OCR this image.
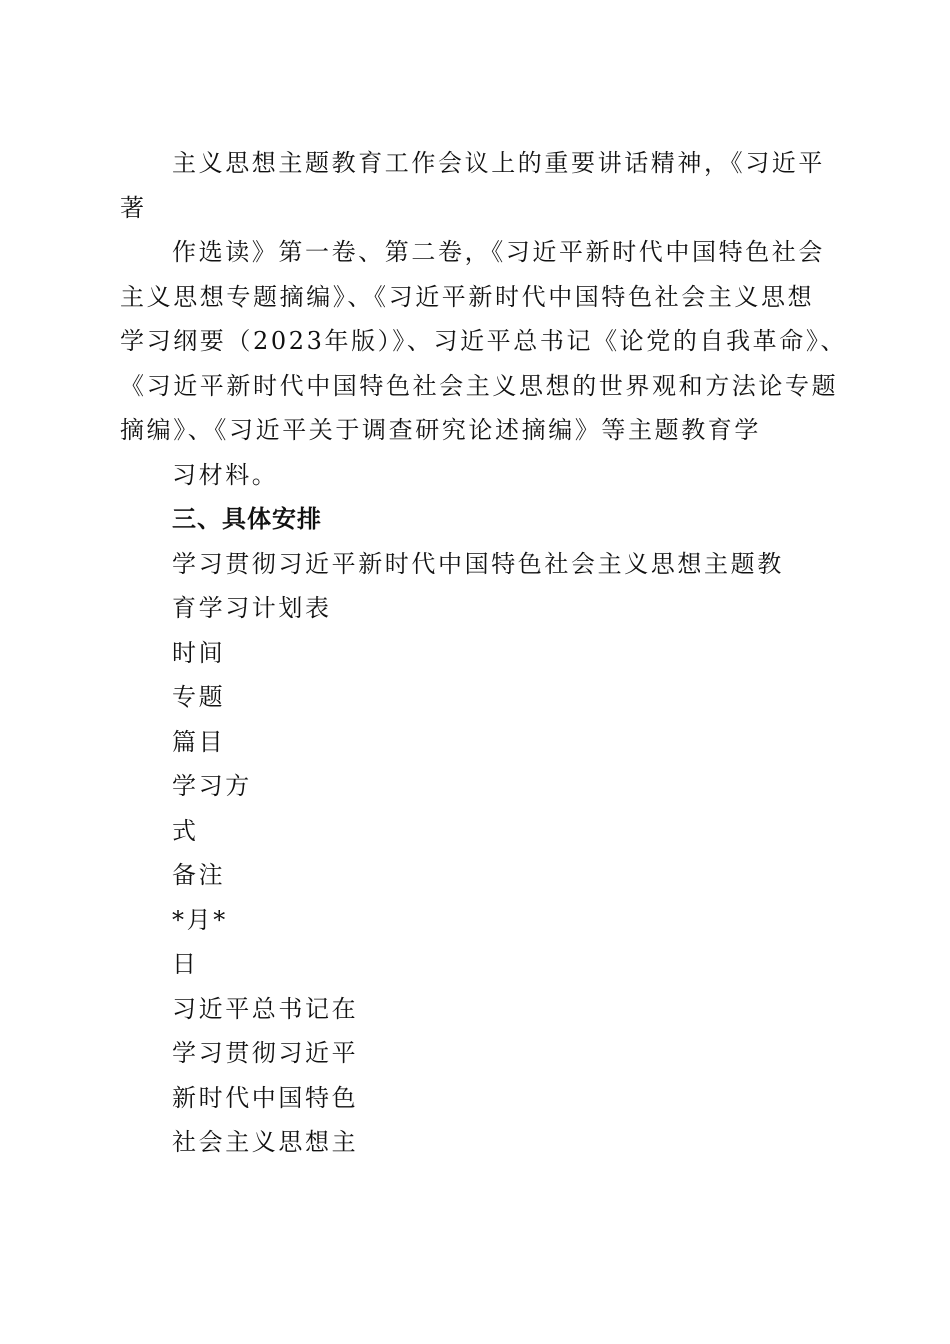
主义思想主题教育工作会议上的重要讲话精神，《习近平
著
作选读》第一卷、第二卷，《习近平新时代中国特色社会
主义思想专题摘编》、《习近平新时代中国特色社会主义思想
学习纲要（2023年版）》、习近平总书记《论党的自我革命》、
《习近平新时代中国特色社会主义思想的世界观和方法论专题
摘编》、《习近平关于调查研究论述摘编》等主题教育学
习材料。
三、具体安排
学习贯彻习近平新时代中国特色社会主义思想主题教
育学习计划表
时间
专题
篇目
学习方
式
备注
*月*
日
习近平总书记在
学习贯彻习近平
新时代中国特色
社会主义思想主
